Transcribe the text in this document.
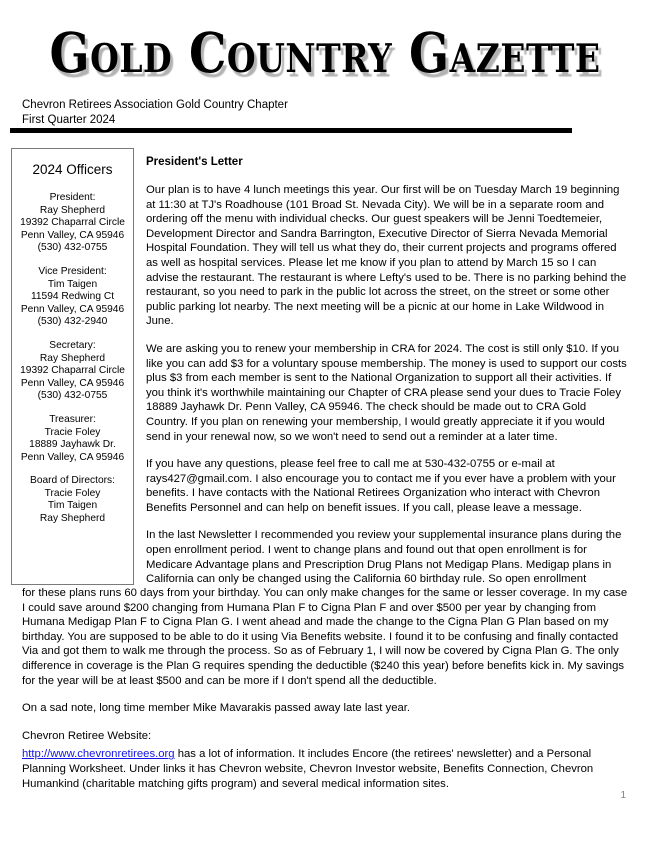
Gold Country Gazette
Chevron Retirees Association Gold Country Chapter
First Quarter 2024
2024 Officers
President:
Ray Shepherd
19392 Chaparral Circle
Penn Valley, CA 95946
(530) 432-0755
Vice President:
Tim Taigen
11594 Redwing Ct
Penn Valley, CA 95946
(530) 432-2940
Secretary:
Ray Shepherd
19392 Chaparral Circle
Penn Valley, CA 95946
(530) 432-0755
Treasurer:
Tracie Foley
18889 Jayhawk Dr.
Penn Valley, CA 95946
Board of Directors:
Tracie Foley
Tim Taigen
Ray Shepherd
President's Letter

Our plan is to have 4 lunch meetings this year. Our first will be on Tuesday March 19 beginning at 11:30 at TJ's Roadhouse (101 Broad St. Nevada City). We will be in a separate room and ordering off the menu with individual checks. Our guest speakers will be Jenni Toedtemeier, Development Director and Sandra Barrington, Executive Director of Sierra Nevada Memorial Hospital Foundation. They will tell us what they do, their current projects and programs offered as well as hospital services. Please let me know if you plan to attend by March 15 so I can advise the restaurant. The restaurant is where Lefty's used to be. There is no parking behind the restaurant, so you need to park in the public lot across the street, on the street or some other public parking lot nearby. The next meeting will be a picnic at our home in Lake Wildwood in June.

We are asking you to renew your membership in CRA for 2024. The cost is still only $10. If you like you can add $3 for a voluntary spouse membership. The money is used to support our costs plus $3 from each member is sent to the National Organization to support all their activities. If you think it's worthwhile maintaining our Chapter of CRA please send your dues to Tracie Foley 18889 Jayhawk Dr. Penn Valley, CA 95946. The check should be made out to CRA Gold Country. If you plan on renewing your membership, I would greatly appreciate it if you would send in your renewal now, so we won't need to send out a reminder at a later time.

If you have any questions, please feel free to call me at 530-432-0755 or e-mail at rays427@gmail.com. I also encourage you to contact me if you ever have a problem with your benefits. I have contacts with the National Retirees Organization who interact with Chevron Benefits Personnel and can help on benefit issues. If you call, please leave a message.

In the last Newsletter I recommended you review your supplemental insurance plans during the open enrollment period. I went to change plans and found out that open enrollment is for Medicare Advantage plans and Prescription Drug Plans not Medigap Plans. Medigap plans in California can only be changed using the California 60 birthday rule. So open enrollment

for these plans runs 60 days from your birthday. You can only make changes for the same or lesser coverage. In my case I could save around $200 changing from Humana Plan F to Cigna Plan F and over $500 per year by changing from Humana Medigap Plan F to Cigna Plan G. I went ahead and made the change to the Cigna Plan G Plan based on my birthday. You are supposed to be able to do it using Via Benefits website. I found it to be confusing and finally contacted Via and got them to walk me through the process. So as of February 1, I will now be covered by Cigna Plan G. The only difference in coverage is the Plan G requires spending the deductible ($240 this year) before benefits kick in. My savings for the year will be at least $500 and can be more if I don't spend all the deductible.

On a sad note, long time member Mike Mavarakis passed away late last year.

Chevron Retiree Website:

http://www.chevronretirees.org has a lot of information. It includes Encore (the retirees' newsletter) and a Personal Planning Worksheet. Under links it has Chevron website, Chevron Investor website, Benefits Connection, Chevron Humankind (charitable matching gifts program) and several medical information sites.

1
